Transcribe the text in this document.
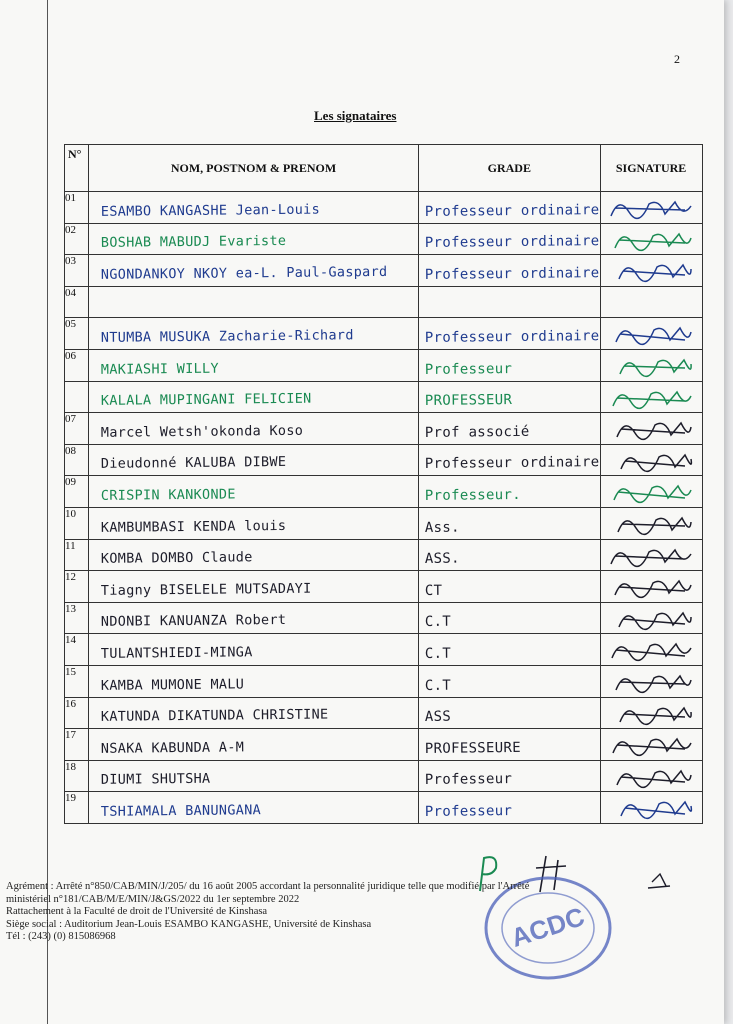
2
Les signataires
N°	NOM, POSTNOM & PRENOM	GRADE	SIGNATURE
01	ESAMBO KANGASHE Jean-Louis	Professeur ordinaire

02	BOSHAB MABUDJ Evariste	Professeur ordinaire

03	NGONDANKOY NKOY ea-L. Paul-Gaspard	Professeur ordinaire

04	

05	NTUMBA MUSUKA Zacharie-Richard	Professeur ordinaire

06	MAKIASHI WILLY	Professeur

	KALALA MUPINGANI FELICIEN	PROFESSEUR

07	Marcel Wetsh'okonda Koso	Prof associé

08	Dieudonné KALUBA DIBWE	Professeur ordinaire

09	CRISPIN KANKONDE	Professeur.

10	KAMBUMBASI KENDA louis	Ass.

11	KOMBA DOMBO Claude	ASS.

12	Tiagny BISELELE MUTSADAYI	CT

13	NDONBI KANUANZA Robert	C.T

14	TULANTSHIEDI-MINGA	C.T

15	KAMBA MUMONE MALU	C.T

16	KATUNDA DIKATUNDA CHRISTINE	ASS

17	NSAKA KABUNDA A-M	PROFESSEURE

18	DIUMI SHUTSHA	Professeur

19	TSHIAMALA BANUNGANA	Professeur

ACDC
Agrément : Arrêté n°850/CAB/MIN/J/205/ du 16 août 2005 accordant la personnalité juridique telle que modifié par l'Arrêté
ministériel n°181/CAB/M/E/MIN/J&GS/2022 du 1er septembre 2022
Rattachement à la Faculté de droit de l'Université de Kinshasa
Siège social : Auditorium Jean-Louis ESAMBO KANGASHE, Université de Kinshasa
Tél : (243) (0) 815086968
